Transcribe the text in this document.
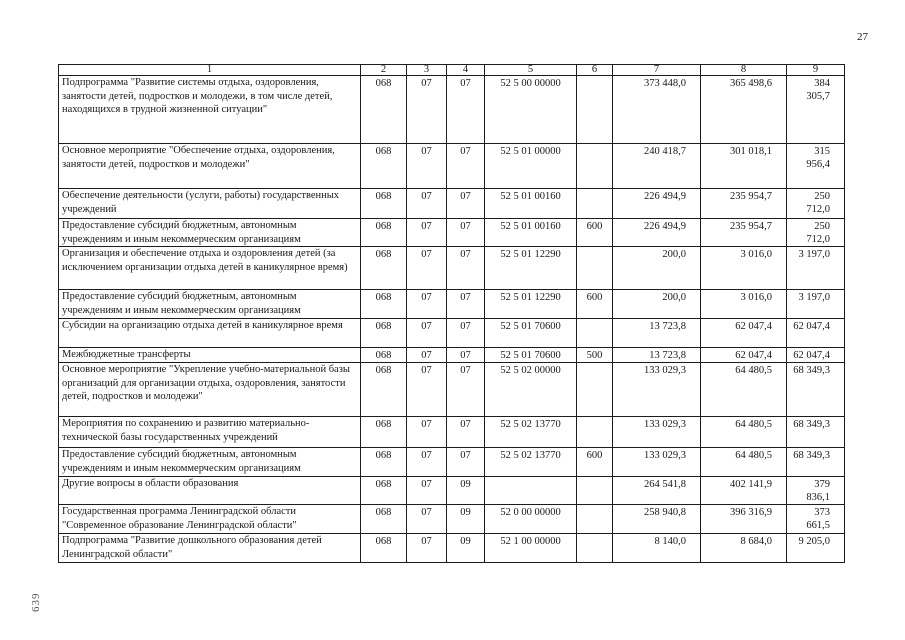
27
639
1	2	3	4	5	6	7	8	9
Подпрограмма "Развитие системы отдыха, оздоровления, занятости детей, подростков и молодежи, в том числе детей, находящихся в трудной жизненной ситуации"	068	07	07	52 5 00 00000		373 448,0	365 498,6	384 305,7
Основное мероприятие "Обеспечение отдыха, оздоровления, занятости детей, подростков и молодежи"	068	07	07	52 5 01 00000		240 418,7	301 018,1	315 956,4
Обеспечение деятельности (услуги, работы) государственных учреждений	068	07	07	52 5 01 00160		226 494,9	235 954,7	250 712,0
Предоставление субсидий бюджетным, автономным учреждениям и иным некоммерческим организациям	068	07	07	52 5 01 00160	600	226 494,9	235 954,7	250 712,0
Организация и обеспечение отдыха и оздоровления детей (за исключением организации отдыха детей в каникулярное время)	068	07	07	52 5 01 12290		200,0	3 016,0	3 197,0
Предоставление субсидий бюджетным, автономным учреждениям и иным некоммерческим организациям	068	07	07	52 5 01 12290	600	200,0	3 016,0	3 197,0
Субсидии на организацию отдыха детей в каникулярное время	068	07	07	52 5 01 70600		13 723,8	62 047,4	62 047,4
Межбюджетные трансферты	068	07	07	52 5 01 70600	500	13 723,8	62 047,4	62 047,4
Основное мероприятие "Укрепление учебно-материальной базы организаций для организации отдыха, оздоровления, занятости детей, подростков и молодежи"	068	07	07	52 5 02 00000		133 029,3	64 480,5	68 349,3
Мероприятия по сохранению и развитию материально-технической базы государственных учреждений	068	07	07	52 5 02 13770		133 029,3	64 480,5	68 349,3
Предоставление субсидий бюджетным, автономным учреждениям и иным некоммерческим организациям	068	07	07	52 5 02 13770	600	133 029,3	64 480,5	68 349,3
Другие вопросы в области образования	068	07	09			264 541,8	402 141,9	379 836,1
Государственная программа Ленинградской области "Современное образование Ленинградской области"	068	07	09	52 0 00 00000		258 940,8	396 316,9	373 661,5
Подпрограмма "Развитие дошкольного образования детей Ленинградской области"	068	07	09	52 1 00 00000		8 140,0	8 684,0	9 205,0
